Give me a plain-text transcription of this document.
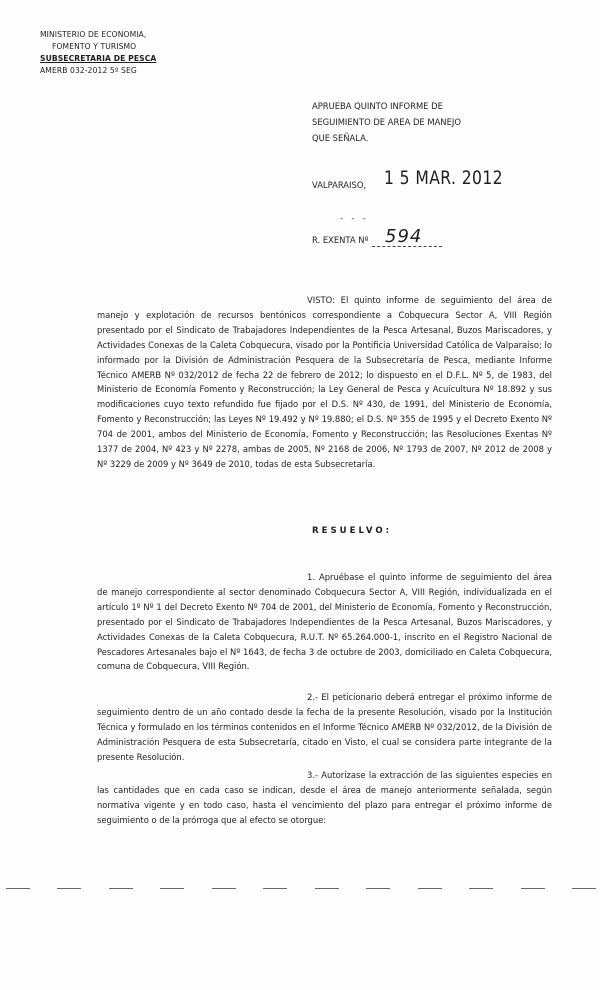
MINISTERIO DE ECONOMIA,
FOMENTO Y TURISMO
SUBSECRETARIA DE PESCA
AMERB 032-2012 5º SEG
APRUEBA QUINTO INFORME DE SEGUIMIENTO DE AREA DE MANEJO QUE SEÑALA.
VALPARAISO, 1 5 MAR. 2012
- - -
R. EXENTA Nº 594
VISTO: El quinto informe de seguimiento del área de manejo y explotación de recursos bentónicos correspondiente a Cobquecura Sector A, VIII Región presentado por el Sindicato de Trabajadores Independientes de la Pesca Artesanal, Buzos Mariscadores, y Actividades Conexas de la Caleta Cobquecura, visado por la Pontificia Universidad Católica de Valparaíso; lo informado por la División de Administración Pesquera de la Subsecretaría de Pesca, mediante Informe Técnico AMERB Nº 032/2012 de fecha 22 de febrero de 2012; lo dispuesto en el D.F.L. Nº 5, de 1983, del Ministerio de Economía Fomento y Reconstrucción; la Ley General de Pesca y Acuicultura Nº 18.892 y sus modificaciones cuyo texto refundido fue fijado por el D.S. Nº 430, de 1991, del Ministerio de Economía, Fomento y Reconstrucción; las Leyes Nº 19.492 y Nº 19.880; el D.S. Nº 355 de 1995 y el Decreto Exento Nº 704 de 2001, ambos del Ministerio de Economía, Fomento y Reconstrucción; las Resoluciones Exentas Nº 1377 de 2004, Nº 423 y Nº 2278, ambas de 2005, Nº 2168 de 2006, Nº 1793 de 2007, Nº 2012 de 2008 y Nº 3229 de 2009 y Nº 3649 de 2010, todas de esta Subsecretaría.
RESUELVO:
1. Apruébase el quinto informe de seguimiento del área de manejo correspondiente al sector denominado Cobquecura Sector A, VIII Región, individualizada en el artículo 1º Nº 1 del Decreto Exento Nº 704 de 2001, del Ministerio de Economía, Fomento y Reconstrucción, presentado por el Sindicato de Trabajadores Independientes de la Pesca Artesanal, Buzos Mariscadores, y Actividades Conexas de la Caleta Cobquecura, R.U.T. Nº 65.264.000-1, inscrito en el Registro Nacional de Pescadores Artesanales bajo el Nº 1643, de fecha 3 de octubre de 2003, domiciliado en Caleta Cobquecura, comuna de Cobquecura, VIII Región.
2.- El peticionario deberá entregar el próximo informe de seguimiento dentro de un año contado desde la fecha de la presente Resolución, visado por la Institución Técnica y formulado en los términos contenidos en el Informe Técnico AMERB Nº 032/2012, de la División de Administración Pesquera de esta Subsecretaría, citado en Visto, el cual se considera parte integrante de la presente Resolución.
3.- Autorízase la extracción de las siguientes especies en las cantidades que en cada caso se indican, desde el área de manejo anteriormente señalada, según normativa vigente y en todo caso, hasta el vencimiento del plazo para entregar el próximo informe de seguimiento o de la prórroga que al efecto se otorgue:
